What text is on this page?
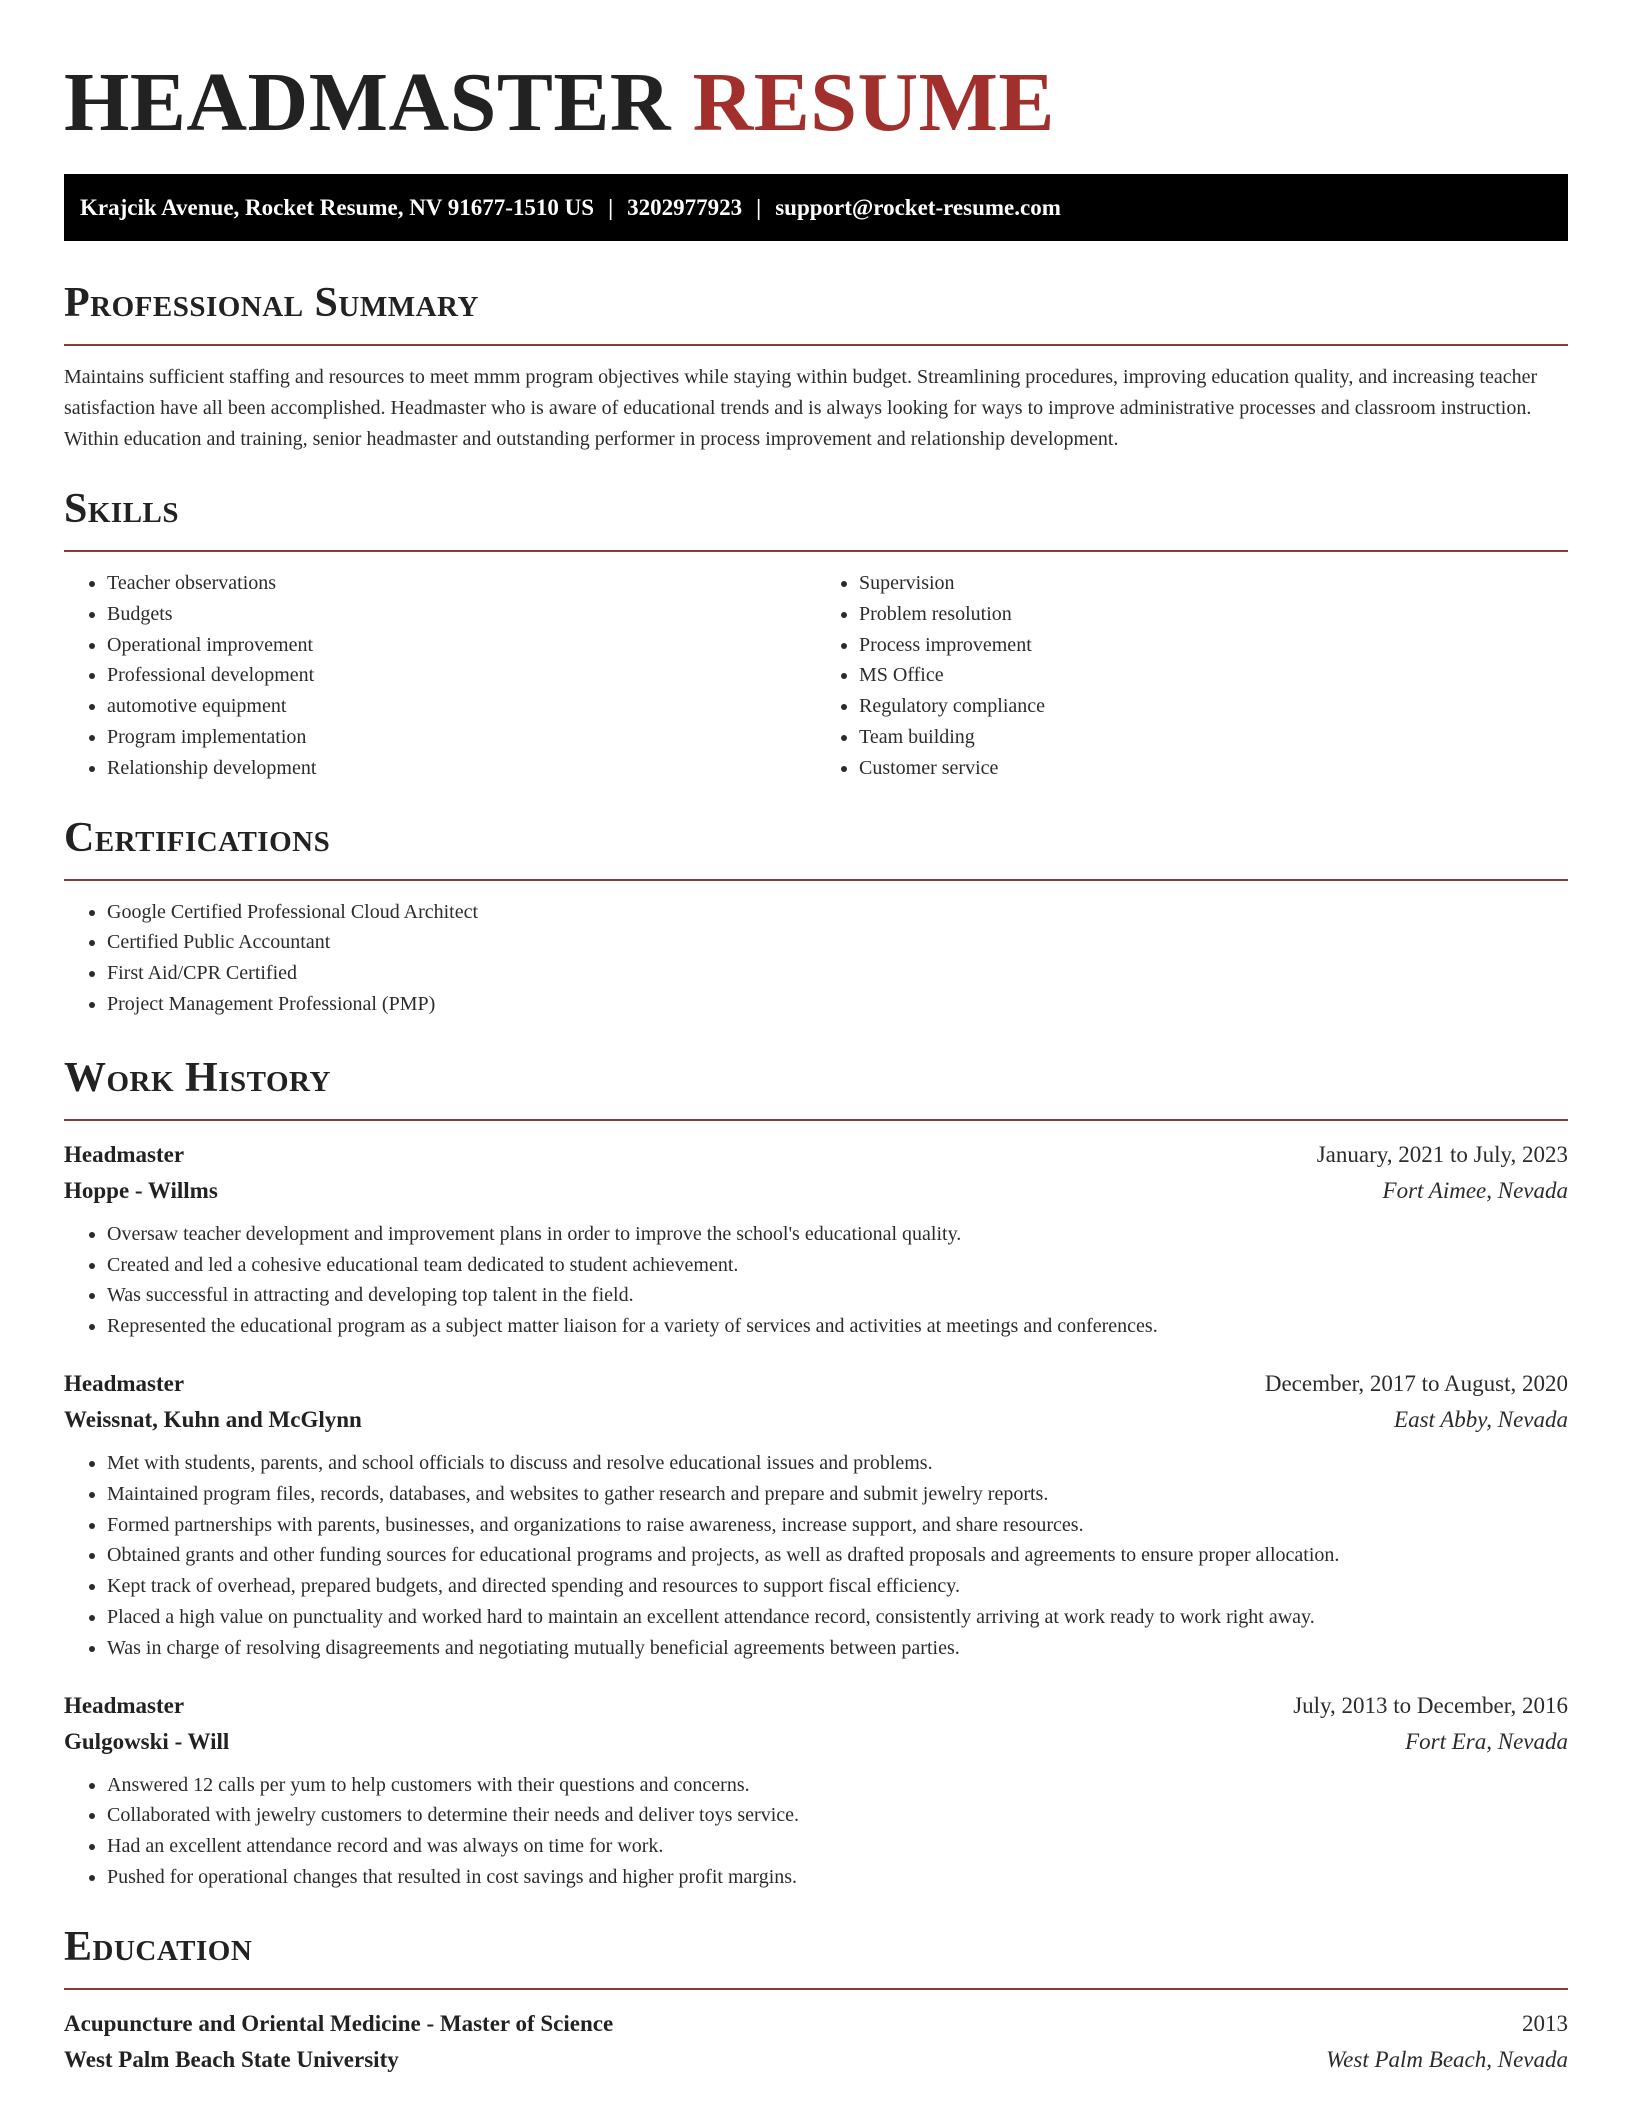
HEADMASTER RESUME
Krajcik Avenue, Rocket Resume, NV 91677-1510 US | 3202977923 | support@rocket-resume.com
Professional Summary

Maintains sufficient staffing and resources to meet mmm program objectives while staying within budget. Streamlining procedures, improving education quality, and increasing teacher satisfaction have all been accomplished. Headmaster who is aware of educational trends and is always looking for ways to improve administrative processes and classroom instruction. Within education and training, senior headmaster and outstanding performer in process improvement and relationship development.

Skills
• Teacher observations
• Budgets
• Operational improvement
• Professional development
• automotive equipment
• Program implementation
• Relationship development
• Supervision
• Problem resolution
• Process improvement
• MS Office
• Regulatory compliance
• Team building
• Customer service
Certifications
• Google Certified Professional Cloud Architect
• Certified Public Accountant
• First Aid/CPR Certified
• Project Management Professional (PMP)
Work History
Headmaster	January, 2021 to July, 2023
Hoppe - Willms	Fort Aimee, Nevada
• Oversaw teacher development and improvement plans in order to improve the school's educational quality.
• Created and led a cohesive educational team dedicated to student achievement.
• Was successful in attracting and developing top talent in the field.
• Represented the educational program as a subject matter liaison for a variety of services and activities at meetings and conferences.
Headmaster	December, 2017 to August, 2020
Weissnat, Kuhn and McGlynn	East Abby, Nevada
• Met with students, parents, and school officials to discuss and resolve educational issues and problems.
• Maintained program files, records, databases, and websites to gather research and prepare and submit jewelry reports.
• Formed partnerships with parents, businesses, and organizations to raise awareness, increase support, and share resources.
• Obtained grants and other funding sources for educational programs and projects, as well as drafted proposals and agreements to ensure proper allocation.
• Kept track of overhead, prepared budgets, and directed spending and resources to support fiscal efficiency.
• Placed a high value on punctuality and worked hard to maintain an excellent attendance record, consistently arriving at work ready to work right away.
• Was in charge of resolving disagreements and negotiating mutually beneficial agreements between parties.
Headmaster	July, 2013 to December, 2016
Gulgowski - Will	Fort Era, Nevada
• Answered 12 calls per yum to help customers with their questions and concerns.
• Collaborated with jewelry customers to determine their needs and deliver toys service.
• Had an excellent attendance record and was always on time for work.
• Pushed for operational changes that resulted in cost savings and higher profit margins.
Education
Acupuncture and Oriental Medicine - Master of Science	2013
West Palm Beach State University	West Palm Beach, Nevada
